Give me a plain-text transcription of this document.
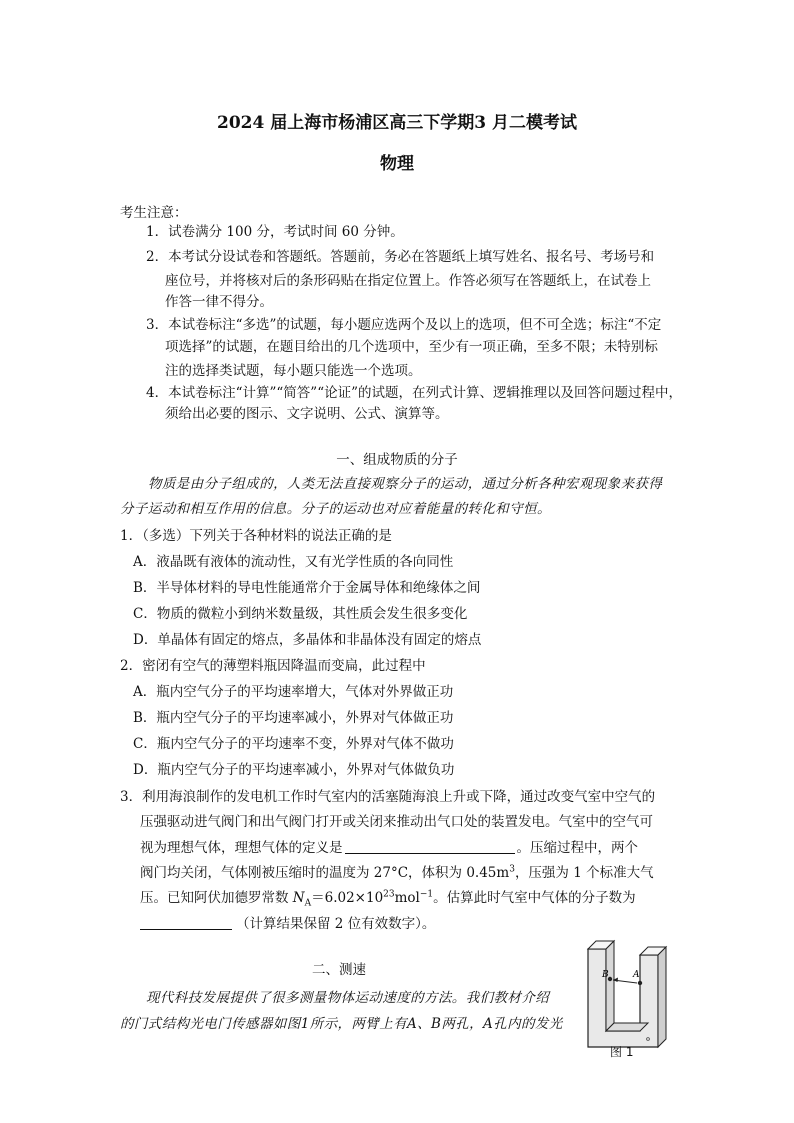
2024 届上海市杨浦区高三下学期3 月二模考试
物理
考生注意：
1．试卷满分 100 分，考试时间 60 分钟。
2．本考试分设试卷和答题纸。答题前，务必在答题纸上填写姓名、报名号、考场号和
座位号，并将核对后的条形码贴在指定位置上。作答必须写在答题纸上，在试卷上
作答一律不得分。
3．本试卷标注“多选”的试题，每小题应选两个及以上的选项，但不可全选；标注“不定
项选择”的试题，在题目给出的几个选项中，至少有一项正确，至多不限；未特别标
注的选择类试题，每小题只能选一个选项。
4．本试卷标注“计算”“简答”“论证”的试题，在列式计算、逻辑推理以及回答问题过程中，
须给出必要的图示、文字说明、公式、演算等。
一、组成物质的分子
物质是由分子组成的，人类无法直接观察分子的运动，通过分析各种宏观现象来获得
分子运动和相互作用的信息。分子的运动也对应着能量的转化和守恒。
1．（多选）下列关于各种材料的说法正确的是
A．液晶既有液体的流动性，又有光学性质的各向同性
B．半导体材料的导电性能通常介于金属导体和绝缘体之间
C．物质的微粒小到纳米数量级，其性质会发生很多变化
D．单晶体有固定的熔点，多晶体和非晶体没有固定的熔点
2．密闭有空气的薄塑料瓶因降温而变扁，此过程中
A．瓶内空气分子的平均速率增大，气体对外界做正功
B．瓶内空气分子的平均速率减小，外界对气体做正功
C．瓶内空气分子的平均速率不变，外界对气体不做功
D．瓶内空气分子的平均速率减小，外界对气体做负功
3．利用海浪制作的发电机工作时气室内的活塞随海浪上升或下降，通过改变气室中空气的
压强驱动进气阀门和出气阀门打开或关闭来推动出气口处的装置发电。气室中的空气可
视为理想气体，理想气体的定义是	。压缩过程中，两个
阀门均关闭，气体刚被压缩时的温度为 27°C，体积为 $0.45m^3$，压强为 1 个标准大气
压。已知阿伏加德罗常数 $N_A=6.02\times 10^{23}mol^{-1}$。估算此时气室中气体的分子数为
（计算结果保留 2 位有效数字）。
二、测速
现代科技发展提供了很多测量物体运动速度的方法。我们教材介绍
的门式结构光电门传感器如图1所示，两臂上有A、B两孔，A孔内的发光
B	A
图 1
